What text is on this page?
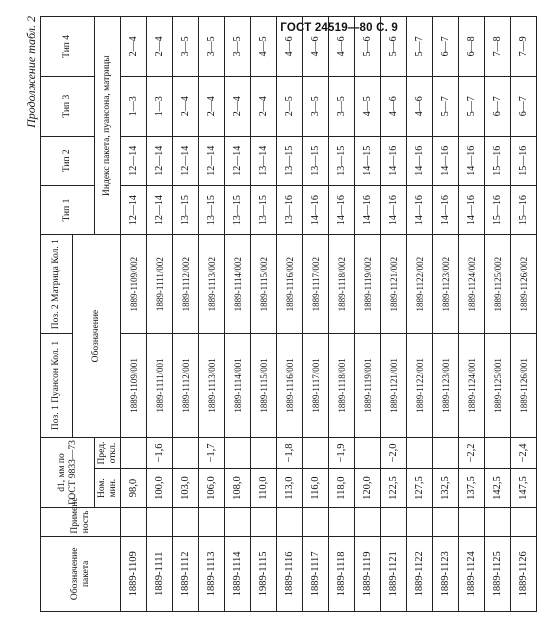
ГОСТ 24519—80 С. 9
Продолжение табл. 2
Обозначение пакета	Примене- ность	d1, мм по ГОСТ 9833—73		Поз. 1 Пуансон Кол. 1	Поз. 2 Матрица Кол. 1	Тип 1	Тип 2	Тип 3	Тип 4
				Обозначение					
		Ном. мин.	Пред. откл.			Индекс пакета, пуансона, матрицы			
1889-1109		98,0		1889-1109/001	1889-1109/002	12—14	12—14	1—3	2—4
1889-1111		100,0	−1,6	1889-1111/001	1889-1111/002	12—14	12—14	1—3	2—4
1889-1112		103,0		1889-1112/001	1889-1112/002	13—15	12—14	2—4	3—5
1889-1113		106,0	−1,7	1889-1113/001	1889-1113/002	13—15	12—14	2—4	3—5
1889-1114		108,0		1889-1114/001	1889-1114/002	13—15	12—14	2—4	3—5
1989-1115		110,0		1889-1115/001	1889-1115/002	13—15	13—14	2—4	4—5
1889-1116		113,0	−1,8	1889-1116/001	1889-1116/002	13—16	13—15	2—5	4—6
1889-1117		116,0		1889-1117/001	1889-1117/002	14—16	13—15	3—5	4—6
1889-1118		118,0	−1,9	1889-1118/001	1889-1118/002	14—16	13—15	3—5	4—6
1889-1119		120,0		1889-1119/001	1889-1119/002	14—16	14—15	4—5	5—6
1889-1121		122,5	−2,0	1889-1121/001	1889-1121/002	14—16	14—16	4—6	5—6
1889-1122		127,5		1889-1122/001	1889-1122/002	14—16	14—16	4—6	5—7
1889-1123		132,5		1889-1123/001	1889-1123/002	14—16	14—16	5—7	6—7
1889-1124		137,5	−2,2	1889-1124/001	1889-1124/002	14—16	14—16	5—7	6—8
1889-1125		142,5		1889-1125/001	1889-1125/002	15—16	15—16	6—7	7—8
1889-1126		147,5	−2,4	1889-1126/001	1889-1126/002	15—16	15—16	6—7	7—9
